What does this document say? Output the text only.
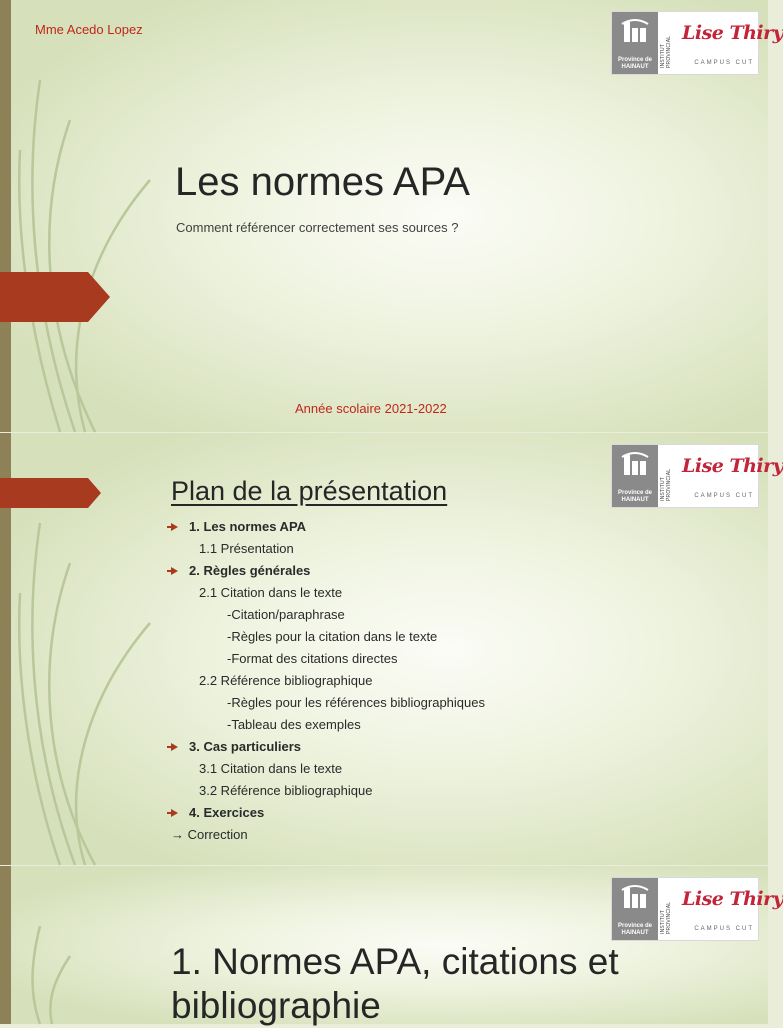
Mme Acedo Lopez
Province de HAINAUT	INSTITUT PROVINCIAL
Lise Thiry
CAMPUS CUT
Les normes APA
Comment référencer correctement ses sources ?
Année scolaire 2021-2022
Province de HAINAUT	INSTITUT PROVINCIAL
Lise Thiry
CAMPUS CUT
Plan de la présentation
1. Les normes APA
1.1 Présentation
2. Règles générales
2.1 Citation dans le texte
-Citation/paraphrase
-Règles pour la citation dans le texte
-Format des citations directes
2.2 Référence bibliographique
-Règles pour les références bibliographiques
-Tableau des exemples
3. Cas particuliers
3.1 Citation dans le texte
3.2 Référence bibliographique
4. Exercices
→ Correction
Province de HAINAUT	INSTITUT PROVINCIAL
Lise Thiry
CAMPUS CUT
1. Normes APA, citations et
bibliographie
